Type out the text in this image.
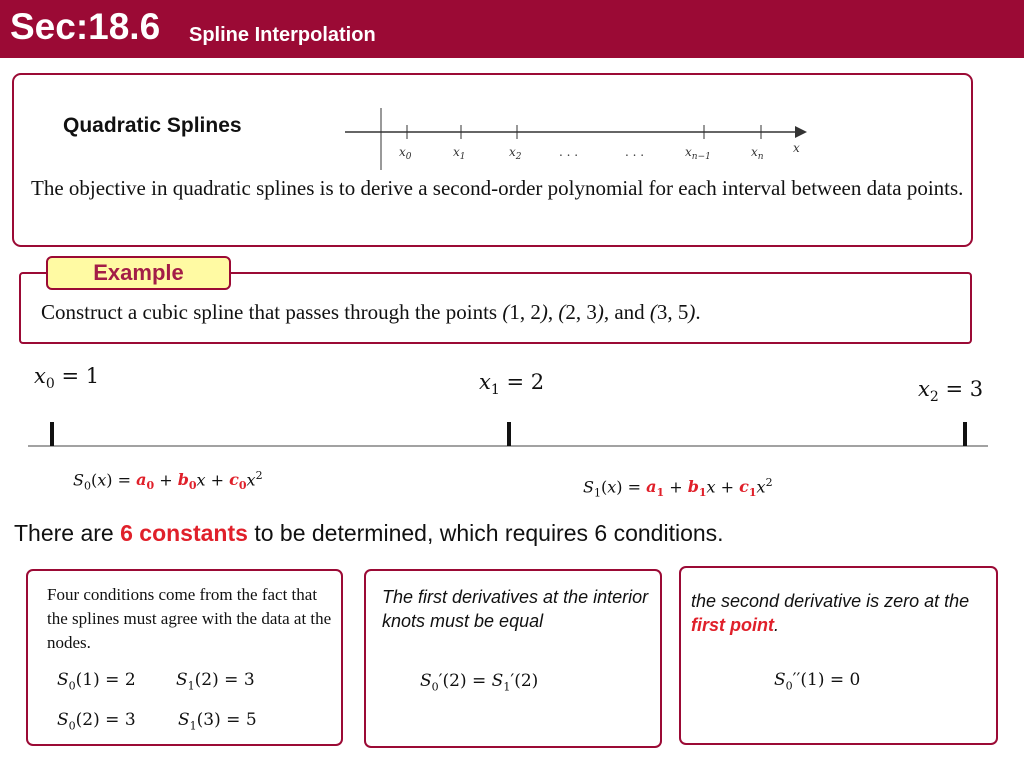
Sec:18.6 Spline Interpolation
Quadratic Splines
$x_0$	$x_1$	$x_2$	. . .	. . .	$x_{n-1}$	$x_n$
x
The objective in quadratic splines is to derive a second-order polynomial for each interval between data points.
Example
Construct a cubic spline that passes through the points (1, 2), (2, 3), and (3, 5).
$x_0 = 1$	$x_1 = 2$	$x_2 = 3$
$S_0(x) = a_0 + b_0x + c_0x^2$
$S_1(x) = a_1 + b_1x + c_1x^2$
There are 6 constants to be determined, which requires 6 conditions.
Four conditions come from the fact that the splines must agree with the data at the nodes.
$S_0(1) = 2$ $S_1(2) = 3$
$S_0(2) = 3$ $S_1(3) = 5$
The first derivatives at the interior knots must be equal
$S_0'(2) = S_1'(2)$
the second derivative is zero at the first point.
$S_0''(1) = 0$
